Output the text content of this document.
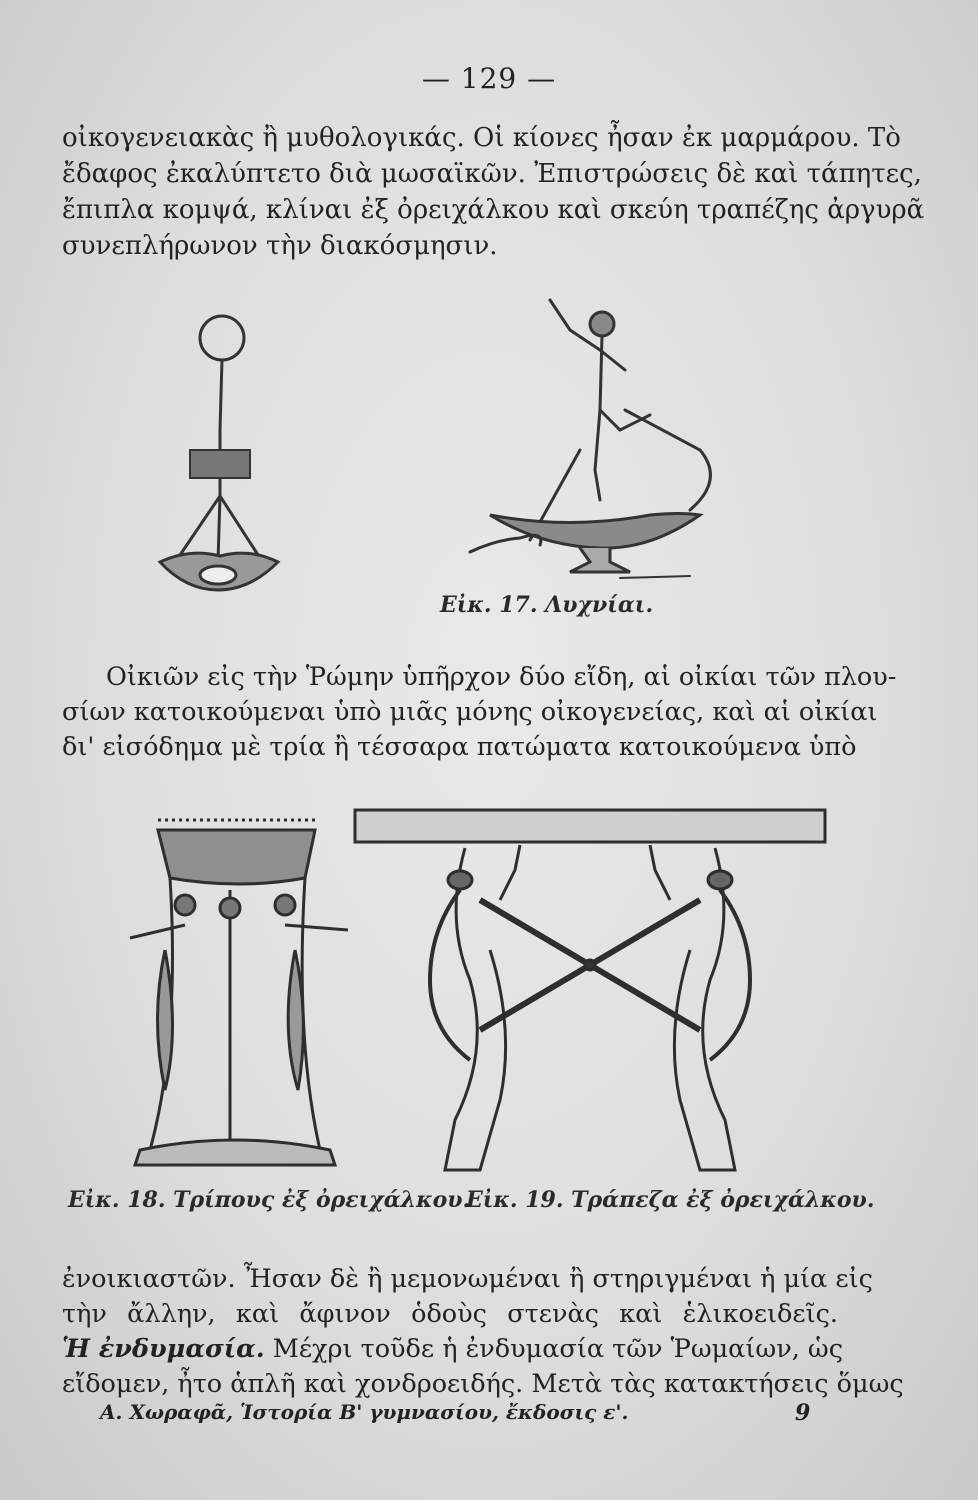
— 129 —
οἰκογενειακὰς ἢ μυθολογικάς. Οἱ κίονες ἦσαν ἐκ μαρμάρου. Τὸ
ἔδαφος ἐκαλύπτετο διὰ μωσαϊκῶν. Ἐπιστρώσεις δὲ καὶ τάπητες,
ἔπιπλα κομψά, κλίναι ἐξ ὀρειχάλκου καὶ σκεύη τραπέζης ἀργυρᾶ
συνεπλήρωνον τὴν διακόσμησιν.
Εἰκ. 17. Λυχνίαι.
Οἰκιῶν εἰς τὴν Ῥώμην ὑπῆρχον δύο εἴδη, αἱ οἰκίαι τῶν πλου-
σίων κατοικούμεναι ὑπὸ μιᾶς μόνης οἰκογενείας, καὶ αἱ οἰκίαι
δι' εἰσόδημα μὲ τρία ἢ τέσσαρα πατώματα κατοικούμενα ὑπὸ
Εἰκ. 18. Τρίπους ἐξ ὀρειχάλκου.
Εἰκ. 19. Τράπεζα ἐξ ὀρειχάλκου.
ἐνοικιαστῶν. Ἦσαν δὲ ἢ μεμονωμέναι ἢ στηριγμέναι ἡ μία εἰς
τὴν ἄλλην, καὶ ἄφινον ὁδοὺς στενὰς καὶ ἑλικοειδεῖς.
Ἡ ἐνδυμασία. Μέχρι τοῦδε ἡ ἐνδυμασία τῶν Ῥωμαίων, ὡς
εἴδομεν, ἦτο ἁπλῆ καὶ χονδροειδής. Μετὰ τὰς κατακτήσεις ὅμως
Α. Χωραφᾶ, Ἱστορία Β' γυμνασίου, ἔκδοσις ε'.	9
